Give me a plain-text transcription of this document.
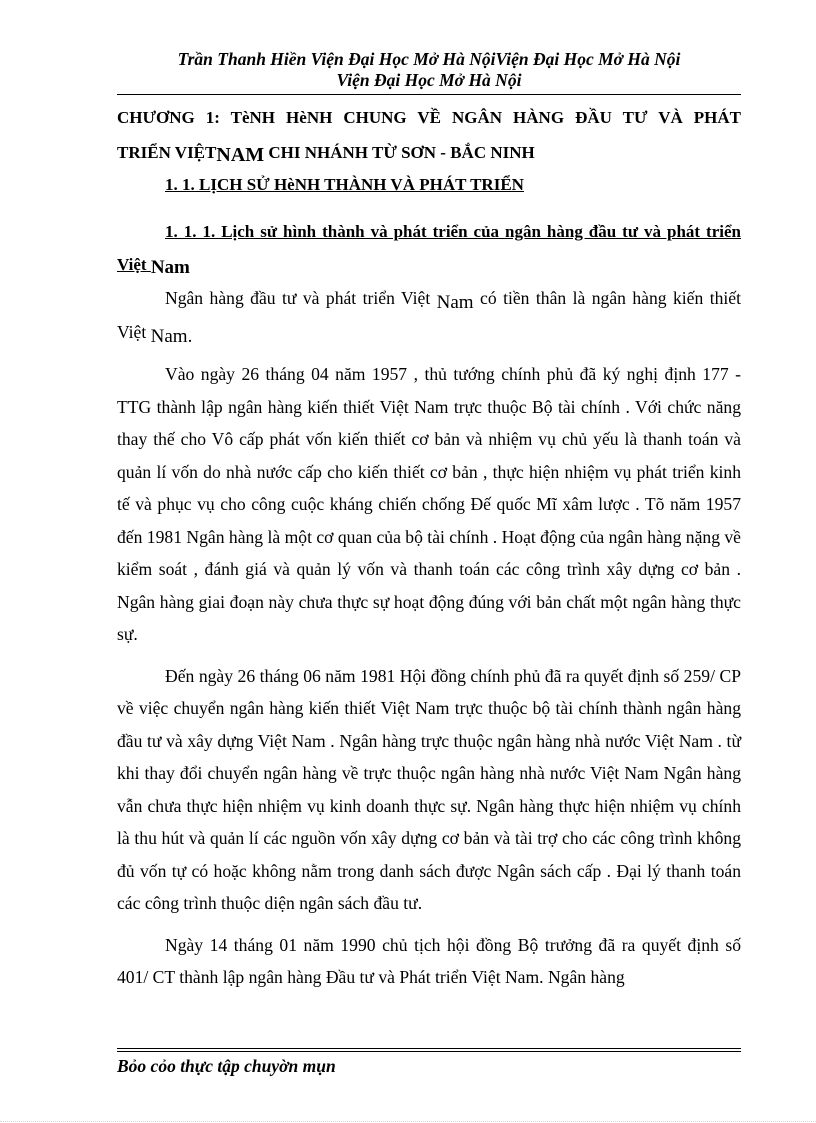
Trần Thanh Hiền Viện Đại Học Mở Hà NộiViện Đại Học Mở Hà Nội
Viện Đại Học Mở Hà Nội
CHƯƠNG 1: TèNH HèNH CHUNG VỀ NGÂN HÀNG ĐẦU TƯ VÀ PHÁT
TRIỂN VIỆTNAM CHI NHÁNH TỪ SƠN - BẮC NINH
1. 1. LỊCH SỬ HèNH THÀNH VÀ PHÁT TRIỂN
1. 1. 1. Lịch sử hình thành và phát triển của ngân hàng đầu tư và phát triển Việt Nam

Ngân hàng đầu tư và phát triển Việt Nam có tiền thân là ngân hàng kiến thiết Việt Nam.

Vào ngày 26 tháng 04 năm 1957 , thủ tướng chính phủ đã ký nghị định 177 - TTG thành lập ngân hàng kiến thiết Việt Nam trực thuộc Bộ tài chính . Với chức năng thay thế cho Vô cấp phát vốn kiến thiết cơ bản và nhiệm vụ chủ yếu là thanh toán và quản lí vốn do nhà nước cấp cho kiến thiết cơ bản , thực hiện nhiệm vụ phát triển kinh tế và phục vụ cho công cuộc kháng chiến chống Đế quốc Mĩ xâm lược . Tõ năm 1957 đến 1981 Ngân hàng là một cơ quan của bộ tài chính . Hoạt động của ngân hàng nặng về kiểm soát , đánh giá và quản lý vốn và thanh toán các công trình xây dựng cơ bản . Ngân hàng giai đoạn này chưa thực sự hoạt động đúng với bản chất một ngân hàng thực sự.

Đến ngày 26 tháng 06 năm 1981 Hội đồng chính phủ đã ra quyết định số 259/ CP về việc chuyển ngân hàng kiến thiết Việt Nam trực thuộc bộ tài chính thành ngân hàng đầu tư và xây dựng Việt Nam . Ngân hàng trực thuộc ngân hàng nhà nước Việt Nam . từ khi thay đổi chuyển ngân hàng về trực thuộc ngân hàng nhà nước Việt Nam Ngân hàng vẫn chưa thực hiện nhiệm vụ kinh doanh thực sự. Ngân hàng thực hiện nhiệm vụ chính là thu hút và quản lí các nguồn vốn xây dựng cơ bản và tài trợ cho các công trình không đủ vốn tự có hoặc không nằm trong danh sách được Ngân sách cấp . Đại lý thanh toán các công trình thuộc diện ngân sách đầu tư.

Ngày 14 tháng 01 năm 1990 chủ tịch hội đồng Bộ trưởng đã ra quyết định số 401/ CT thành lập ngân hàng Đầu tư và Phát triển Việt Nam. Ngân hàng

Bỏo cỏo thực tập chuyờn mụn
